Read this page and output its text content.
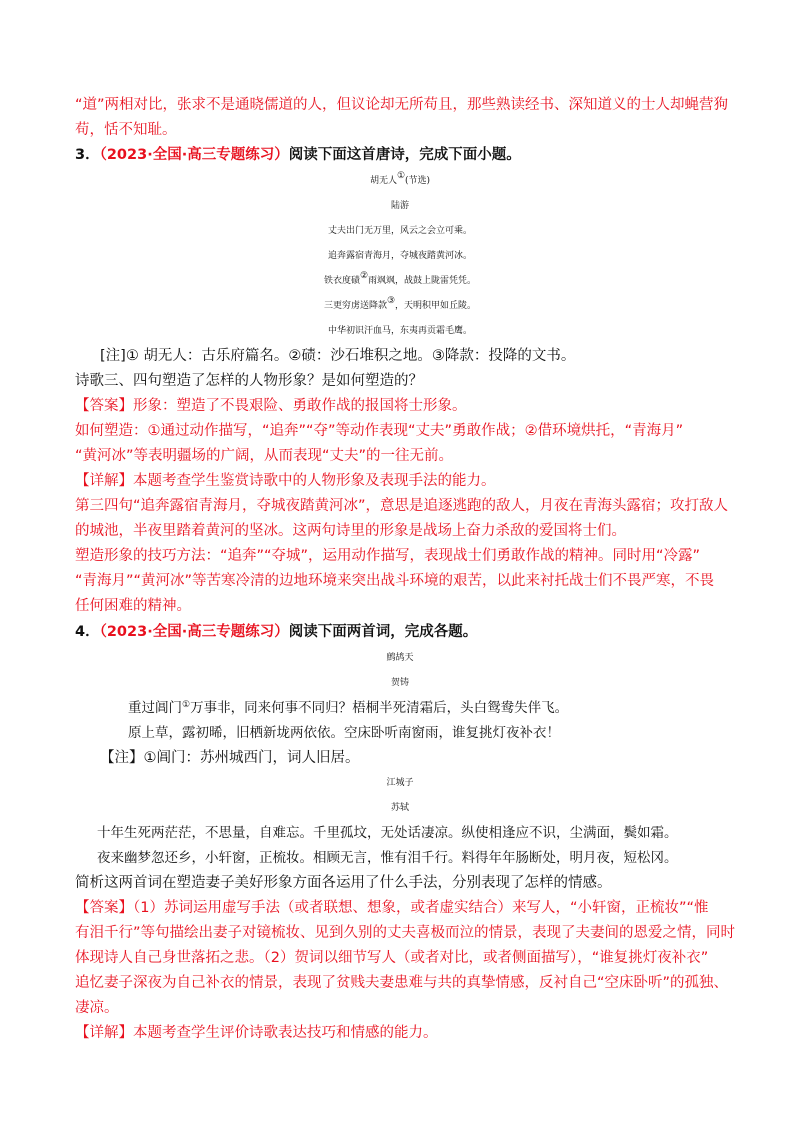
“道”两相对比，张求不是通晓儒道的人，但议论却无所苟且，那些熟读经书、深知道义的士人却蝇营狗
苟，恬不知耻。
3．（2023·全国·高三专题练习）阅读下面这首唐诗，完成下面小题。
胡无人①(节选)
陆游
丈夫出门无万里，风云之会立可乘。
追奔露宿青海月，夺城夜踏黄河冰。
铁衣度碛②雨飒飒，战鼓上陇雷凭凭。
三更穷虏送降款③，天明积甲如丘陵。
中华初识汗血马，东夷再贡霜毛鹰。
[注]① 胡无人：古乐府篇名。②碛：沙石堆积之地。③降款：投降的文书。
诗歌三、四句塑造了怎样的人物形象？是如何塑造的？
【答案】形象：塑造了不畏艰险、勇敢作战的报国将士形象。
如何塑造：①通过动作描写，“追奔”“夺”等动作表现“丈夫”勇敢作战；②借环境烘托，“青海月”
“黄河冰”等表明疆场的广阔，从而表现“丈夫”的一往无前。
【详解】本题考查学生鉴赏诗歌中的人物形象及表现手法的能力。
第三四句“追奔露宿青海月，夺城夜踏黄河冰”，意思是追逐逃跑的敌人，月夜在青海头露宿；攻打敌人
的城池，半夜里踏着黄河的坚冰。这两句诗里的形象是战场上奋力杀敌的爱国将士们。
塑造形象的技巧方法：“追奔”“夺城”，运用动作描写，表现战士们勇敢作战的精神。同时用“冷露”
“青海月”“黄河冰”等苦寒冷清的边地环境来突出战斗环境的艰苦，以此来衬托战士们不畏严寒，不畏
任何困难的精神。
4．（2023·全国·高三专题练习）阅读下面两首词，完成各题。
鹧鸪天
贺铸
重过阊门①万事非，同来何事不同归？梧桐半死清霜后，头白鸳鸯失伴飞。
原上草，露初晞，旧栖新垅两依依。空床卧听南窗雨，谁复挑灯夜补衣！
【注】①阊门：苏州城西门，词人旧居。
江城子
苏轼
十年生死两茫茫，不思量，自难忘。千里孤坟，无处话凄凉。纵使相逢应不识，尘满面，鬓如霜。
夜来幽梦忽还乡，小轩窗，正梳妆。相顾无言，惟有泪千行。料得年年肠断处，明月夜，短松冈。
简析这两首词在塑造妻子美好形象方面各运用了什么手法，分别表现了怎样的情感。
【答案】（1）苏词运用虚写手法（或者联想、想象，或者虚实结合）来写人，“小轩窗，正梳妆”“惟
有泪千行”等句描绘出妻子对镜梳妆、见到久别的丈夫喜极而泣的情景，表现了夫妻间的恩爱之情，同时
体现诗人自己身世落拓之悲。（2）贺词以细节写人（或者对比，或者侧面描写），“谁复挑灯夜补衣”
追忆妻子深夜为自己补衣的情景，表现了贫贱夫妻患难与共的真挚情感，反衬自己“空床卧听”的孤独、
凄凉。
【详解】本题考查学生评价诗歌表达技巧和情感的能力。
